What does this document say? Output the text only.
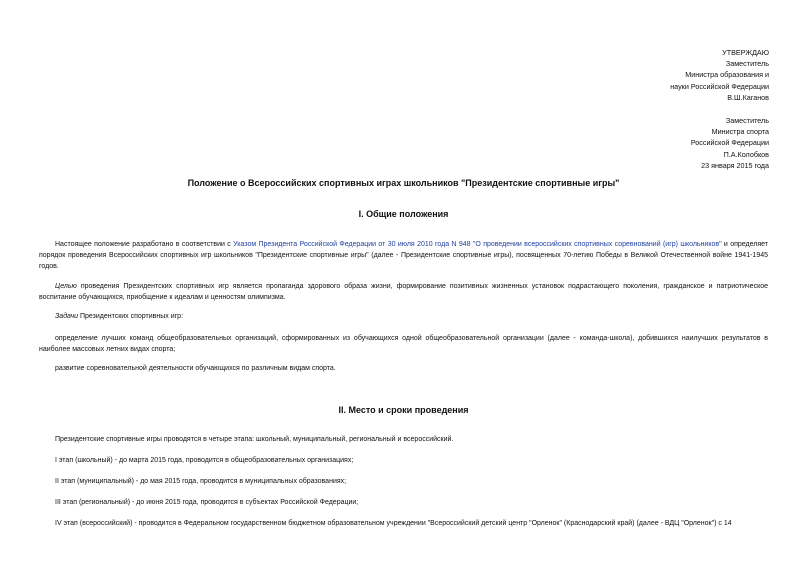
УТВЕРЖДАЮ
Заместитель
Министра образования и
науки Российской Федерации
В.Ш.Каганов
Заместитель
Министра спорта
Российской Федерации
П.А.Колобков
23 января 2015 года
Положение о Всероссийских спортивных играх школьников "Президентские спортивные игры"
I. Общие положения
Настоящее положение разработано в соответствии с Указом Президента Российской Федерации от 30 июля 2010 года N 948 "О проведении всероссийских спортивных соревнований (игр) школьников" и определяет порядок проведения Всероссийских спортивных игр школьников "Президентские спортивные игры" (далее - Президентские спортивные игры), посвященных 70-летию Победы в Великой Отечественной войне 1941-1945 годов.
Целью проведения Президентских спортивных игр является пропаганда здорового образа жизни, формирование позитивных жизненных установок подрастающего поколения, гражданское и патриотическое воспитание обучающихся, приобщение к идеалам и ценностям олимпизма.
Задачи Президентских спортивных игр:
определение лучших команд общеобразовательных организаций, сформированных из обучающихся одной общеобразовательной организации (далее - команда-школа), добившихся наилучших результатов в наиболее массовых летних видах спорта;
развитие соревновательной деятельности обучающихся по различным видам спорта.
II. Место и сроки проведения
Президентские спортивные игры проводятся в четыре этапа: школьный, муниципальный, региональный и всероссийский.
I этап (школьный) - до марта 2015 года, проводится в общеобразовательных организациях;
II этап (муниципальный) - до мая 2015 года, проводится в муниципальных образованиях;
III этап (региональный) - до июня 2015 года, проводится в субъектах Российской Федерации;
IV этап (всероссийский) - проводится в Федеральном государственном бюджетном образовательном учреждении "Всероссийский детский центр "Орленок" (Краснодарский край) (далее - ВДЦ "Орленок") с 14
